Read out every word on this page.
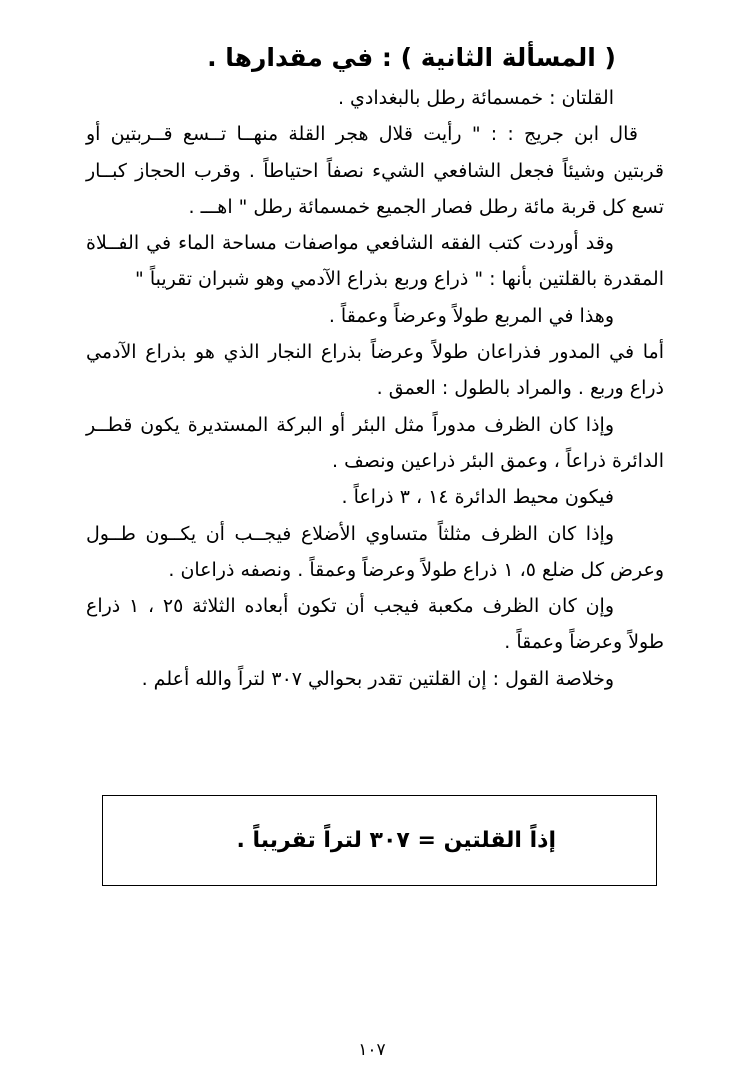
( المسألة الثانية ) : في مقدارها .

القلتان : خمسمائة رطل بالبغدادي .

قال ابن جريج : : " رأيت قلال هجر القلة منهــا تــسع قــربتين أو قربتين وشيئاً فجعل الشافعي الشيء نصفاً احتياطاً . وقرب الحجاز كبــار تسع كل قربة مائة رطل فصار الجميع خمسمائة رطل " اهـــ .

وقد أوردت كتب الفقه الشافعي مواصفات مساحة الماء في الفــلاة المقدرة بالقلتين بأنها : " ذراع وربع بذراع الآدمي وهو شبران تقريباً "

وهذا في المربع طولاً وعرضاً وعمقاً .

أما في المدور فذراعان طولاً وعرضاً بذراع النجار الذي هو بذراع الآدمي ذراع وربع . والمراد بالطول : العمق .

وإذا كان الظرف مدوراً مثل البئر أو البركة المستديرة يكون قطــر الدائرة ذراعاً ، وعمق البئر ذراعين ونصف .

فيكون محيط الدائرة ١٤ ، ٣ ذراعاً .

وإذا كان الظرف مثلثاً متساوي الأضلاع فيجــب أن يكــون طــول وعرض كل ضلع ٥، ١ ذراع طولاً وعرضاً وعمقاً . ونصفه ذراعان .

وإن كان الظرف مكعبة فيجب أن تكون أبعاده الثلاثة ٢٥ ، ١ ذراع طولاً وعرضاً وعمقاً .

وخلاصة القول : إن القلتين تقدر بحوالي ٣٠٧ لتراً والله أعلم .

إذاً القلتين = ٣٠٧ لتراً تقريباً .
١٠٧
